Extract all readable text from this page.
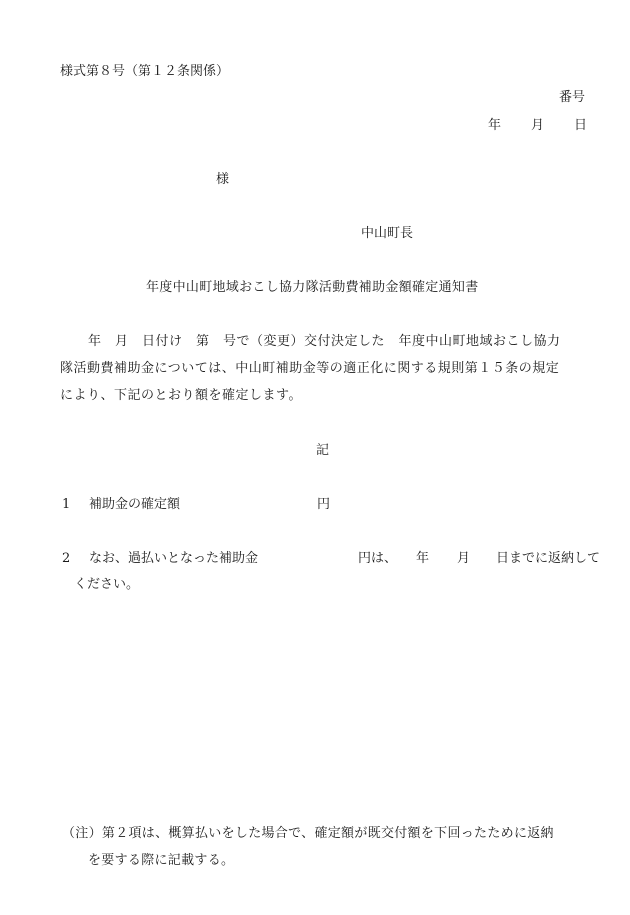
様式第８号（第１２条関係）
番号
年 月 日
様
中山町長
年度中山町地域おこし協力隊活動費補助金額確定通知書
年　月　日付け　第　号で（変更）交付決定した　年度中山町地域おこし協力
隊活動費補助金については、中山町補助金等の適正化に関する規則第１５条の規定
により、下記のとおり額を確定します。
記
1 補助金の確定額	円
2 なお、過払いとなった補助金	円は、 年 月 日までに返納して
ください。
（注）第２項は、概算払いをした場合で、確定額が既交付額を下回ったために返納
を要する際に記載する。
